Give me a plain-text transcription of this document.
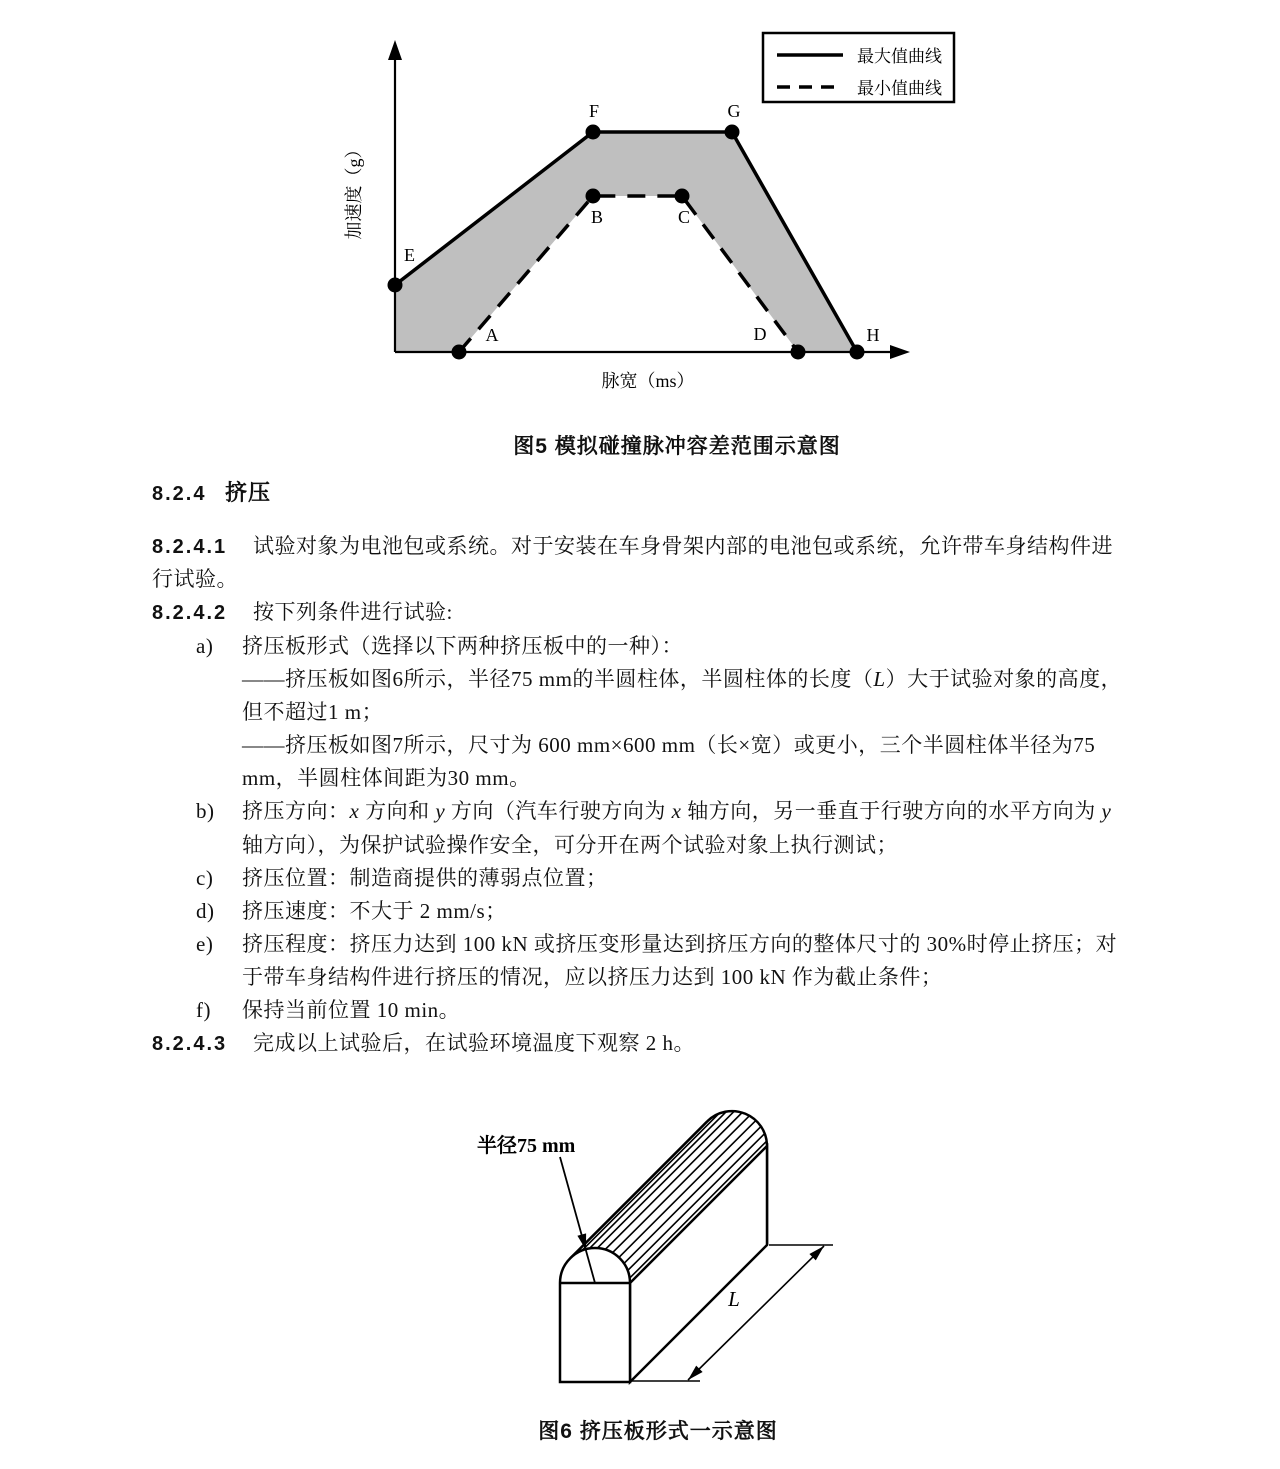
E
F	G
H
A
B	C
D
加速度（g）
脉宽（ms）
最大值曲线
最小值曲线
半径75 mm
L
图5 模拟碰撞脉冲容差范围示意图
图6 挤压板形式一示意图
8.2.4 挤压
8.2.4.1 试验对象为电池包或系统。对于安装在车身骨架内部的电池包或系统，允许带车身结构件进
行试验。
8.2.4.2 按下列条件进行试验:
a) 挤压板形式（选择以下两种挤压板中的一种）：
——挤压板如图6所示，半径75 mm的半圆柱体，半圆柱体的长度（L）大于试验对象的高度，
但不超过1 m；
——挤压板如图7所示，尺寸为 600 mm×600 mm（长×宽）或更小，三个半圆柱体半径为75
mm，半圆柱体间距为30 mm。
b) 挤压方向：x 方向和 y 方向（汽车行驶方向为 x 轴方向，另一垂直于行驶方向的水平方向为 y
轴方向），为保护试验操作安全，可分开在两个试验对象上执行测试；
c) 挤压位置：制造商提供的薄弱点位置；
d) 挤压速度：不大于 2 mm/s；
e) 挤压程度：挤压力达到 100 kN 或挤压变形量达到挤压方向的整体尺寸的 30%时停止挤压；对
于带车身结构件进行挤压的情况，应以挤压力达到 100 kN 作为截止条件；
f) 保持当前位置 10 min。
8.2.4.3 完成以上试验后，在试验环境温度下观察 2 h。
